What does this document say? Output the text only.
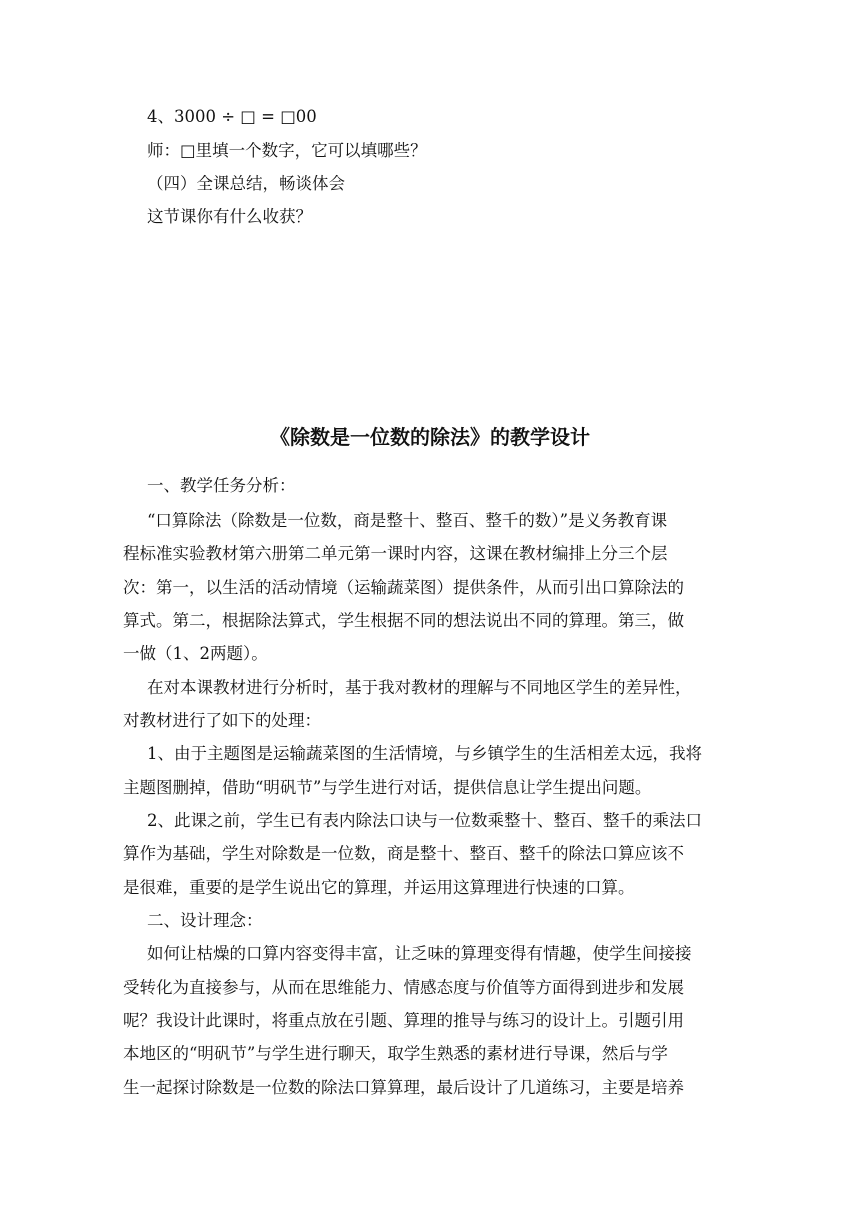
4、3000 ÷ □ = □00
师：□里填一个数字，它可以填哪些？
（四）全课总结，畅谈体会
这节课你有什么收获？
《除数是一位数的除法》的教学设计
一、教学任务分析：
“口算除法（除数是一位数，商是整十、整百、整千的数）”是义务教育课
程标准实验教材第六册第二单元第一课时内容，这课在教材编排上分三个层
次：第一，以生活的活动情境（运输蔬菜图）提供条件，从而引出口算除法的
算式。第二，根据除法算式，学生根据不同的想法说出不同的算理。第三，做
一做（1、2两题）。
在对本课教材进行分析时，基于我对教材的理解与不同地区学生的差异性，
对教材进行了如下的处理：
1、由于主题图是运输蔬菜图的生活情境，与乡镇学生的生活相差太远，我将
主题图删掉，借助“明矾节”与学生进行对话，提供信息让学生提出问题。
2、此课之前，学生已有表内除法口诀与一位数乘整十、整百、整千的乘法口
算作为基础，学生对除数是一位数，商是整十、整百、整千的除法口算应该不
是很难，重要的是学生说出它的算理，并运用这算理进行快速的口算。
二、设计理念：
如何让枯燥的口算内容变得丰富，让乏味的算理变得有情趣，使学生间接接
受转化为直接参与，从而在思维能力、情感态度与价值等方面得到进步和发展
呢？我设计此课时，将重点放在引题、算理的推导与练习的设计上。引题引用
本地区的“明矾节”与学生进行聊天，取学生熟悉的素材进行导课，然后与学
生一起探讨除数是一位数的除法口算算理，最后设计了几道练习，主要是培养
